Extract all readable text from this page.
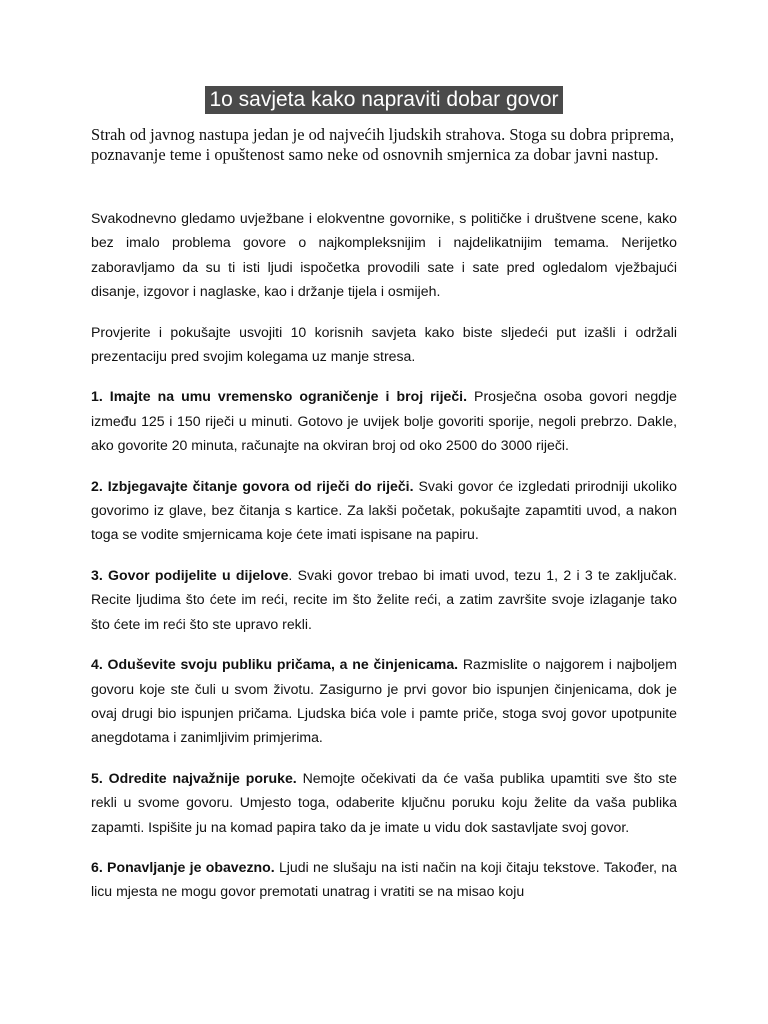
1o savjeta kako napraviti dobar govor

Strah od javnog nastupa jedan je od najvećih ljudskih strahova. Stoga su dobra priprema, poznavanje teme i opuštenost samo neke od osnovnih smjernica za dobar javni nastup.

Svakodnevno gledamo uvježbane i elokventne govornike, s političke i društvene scene, kako bez imalo problema govore o najkompleksnijim i najdelikatnijim temama. Nerijetko zaboravljamo da su ti isti ljudi ispočetka provodili sate i sate pred ogledalom vježbajući disanje, izgovor i naglaske, kao i držanje tijela i osmijeh.

Provjerite i pokušajte usvojiti 10 korisnih savjeta kako biste sljedeći put izašli i održali prezentaciju pred svojim kolegama uz manje stresa.

1. Imajte na umu vremensko ograničenje i broj riječi. Prosječna osoba govori negdje između 125 i 150 riječi u minuti. Gotovo je uvijek bolje govoriti sporije, negoli prebrzo. Dakle, ako govorite 20 minuta, računajte na okviran broj od oko 2500 do 3000 riječi.

2. Izbjegavajte čitanje govora od riječi do riječi. Svaki govor će izgledati prirodniji ukoliko govorimo iz glave, bez čitanja s kartice. Za lakši početak, pokušajte zapamtiti uvod, a nakon toga se vodite smjernicama koje ćete imati ispisane na papiru.

3. Govor podijelite u dijelove. Svaki govor trebao bi imati uvod, tezu 1, 2 i 3 te zaključak. Recite ljudima što ćete im reći, recite im što želite reći, a zatim završite svoje izlaganje tako što ćete im reći što ste upravo rekli.

4. Oduševite svoju publiku pričama, a ne činjenicama. Razmislite o najgorem i najboljem govoru koje ste čuli u svom životu. Zasigurno je prvi govor bio ispunjen činjenicama, dok je ovaj drugi bio ispunjen pričama. Ljudska bića vole i pamte priče, stoga svoj govor upotpunite anegdotama i zanimljivim primjerima.

5. Odredite najvažnije poruke. Nemojte očekivati da će vaša publika upamtiti sve što ste rekli u svome govoru. Umjesto toga, odaberite ključnu poruku koju želite da vaša publika zapamti. Ispišite ju na komad papira tako da je imate u vidu dok sastavljate svoj govor.

6. Ponavljanje je obavezno. Ljudi ne slušaju na isti način na koji čitaju tekstove. Također, na licu mjesta ne mogu govor premotati unatrag i vratiti se na misao koju
